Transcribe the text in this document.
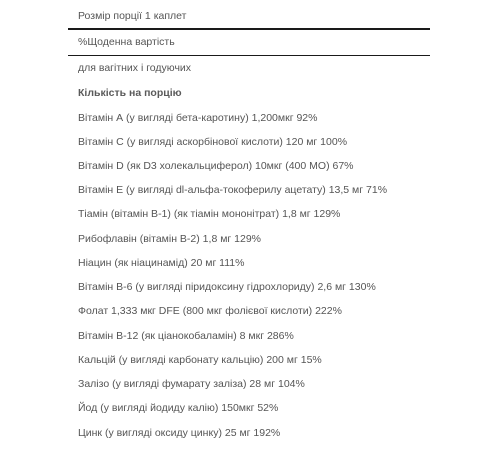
Розмір порції 1 каплет
%Щоденна вартість
для вагітних і годуючих
Кількість на порцію
Вітамін А (у вигляді бета-каротину) 1,200мкг 92%
Вітамін С (у вигляді аскорбінової кислоти) 120 мг 100%
Вітамін D (як D3 холекальциферол) 10мкг (400 МО) 67%
Вітамін Е (у вигляді dl-альфа-токоферилу ацетату) 13,5 мг 71%
Тіамін (вітамін В-1) (як тіамін мононітрат) 1,8 мг 129%
Рибофлавін (вітамін В-2) 1,8 мг 129%
Ніацин (як ніацинамід) 20 мг 111%
Вітамін В-6 (у вигляді піридоксину гідрохлориду) 2,6 мг 130%
Фолат 1,333 мкг DFE (800 мкг фолієвої кислоти) 222%
Вітамін В-12 (як ціанокобаламін) 8 мкг 286%
Кальцій (у вигляді карбонату кальцію) 200 мг 15%
Залізо (у вигляді фумарату заліза) 28 мг 104%
Йод (у вигляді йодиду калію) 150мкг 52%
Цинк (у вигляді оксиду цинку) 25 мг 192%
